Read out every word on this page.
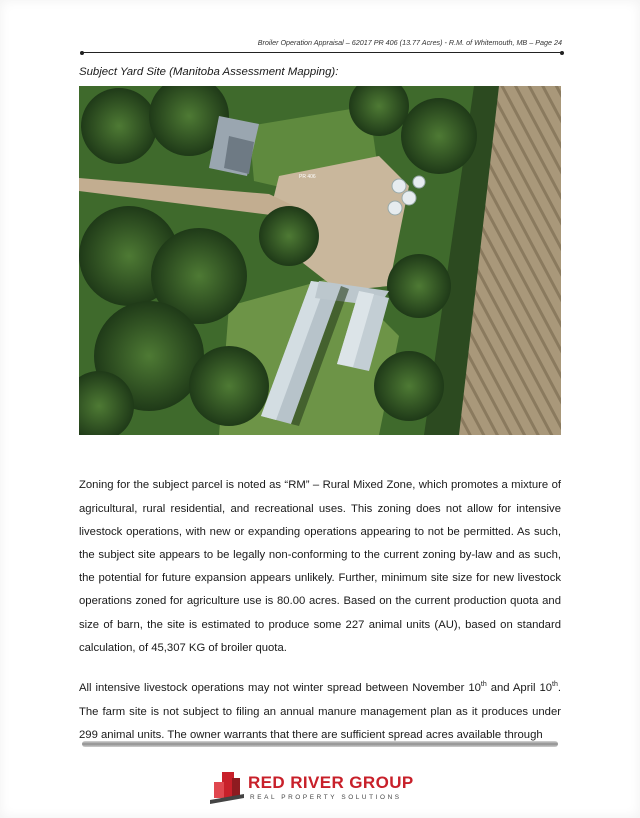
Broiler Operation Appraisal – 62017 PR 406 (13.77 Acres) - R.M. of Whitemouth, MB – Page 24
Subject Yard Site (Manitoba Assessment Mapping):
PR 406

Zoning for the subject parcel is noted as “RM” – Rural Mixed Zone, which promotes a mixture of agricultural, rural residential, and recreational uses. This zoning does not allow for intensive livestock operations, with new or expanding operations appearing to not be permitted. As such, the subject site appears to be legally non-conforming to the current zoning by-law and as such, the potential for future expansion appears unlikely. Further, minimum site size for new livestock operations zoned for agriculture use is 80.00 acres. Based on the current production quota and size of barn, the site is estimated to produce some 227 animal units (AU), based on standard calculation, of 45,307 KG of broiler quota.

All intensive livestock operations may not winter spread between November 10th and April 10th. The farm site is not subject to filing an annual manure management plan as it produces under 299 animal units. The owner warrants that there are sufficient spread acres available through

RED RIVER GROUP
REAL PROPERTY SOLUTIONS
